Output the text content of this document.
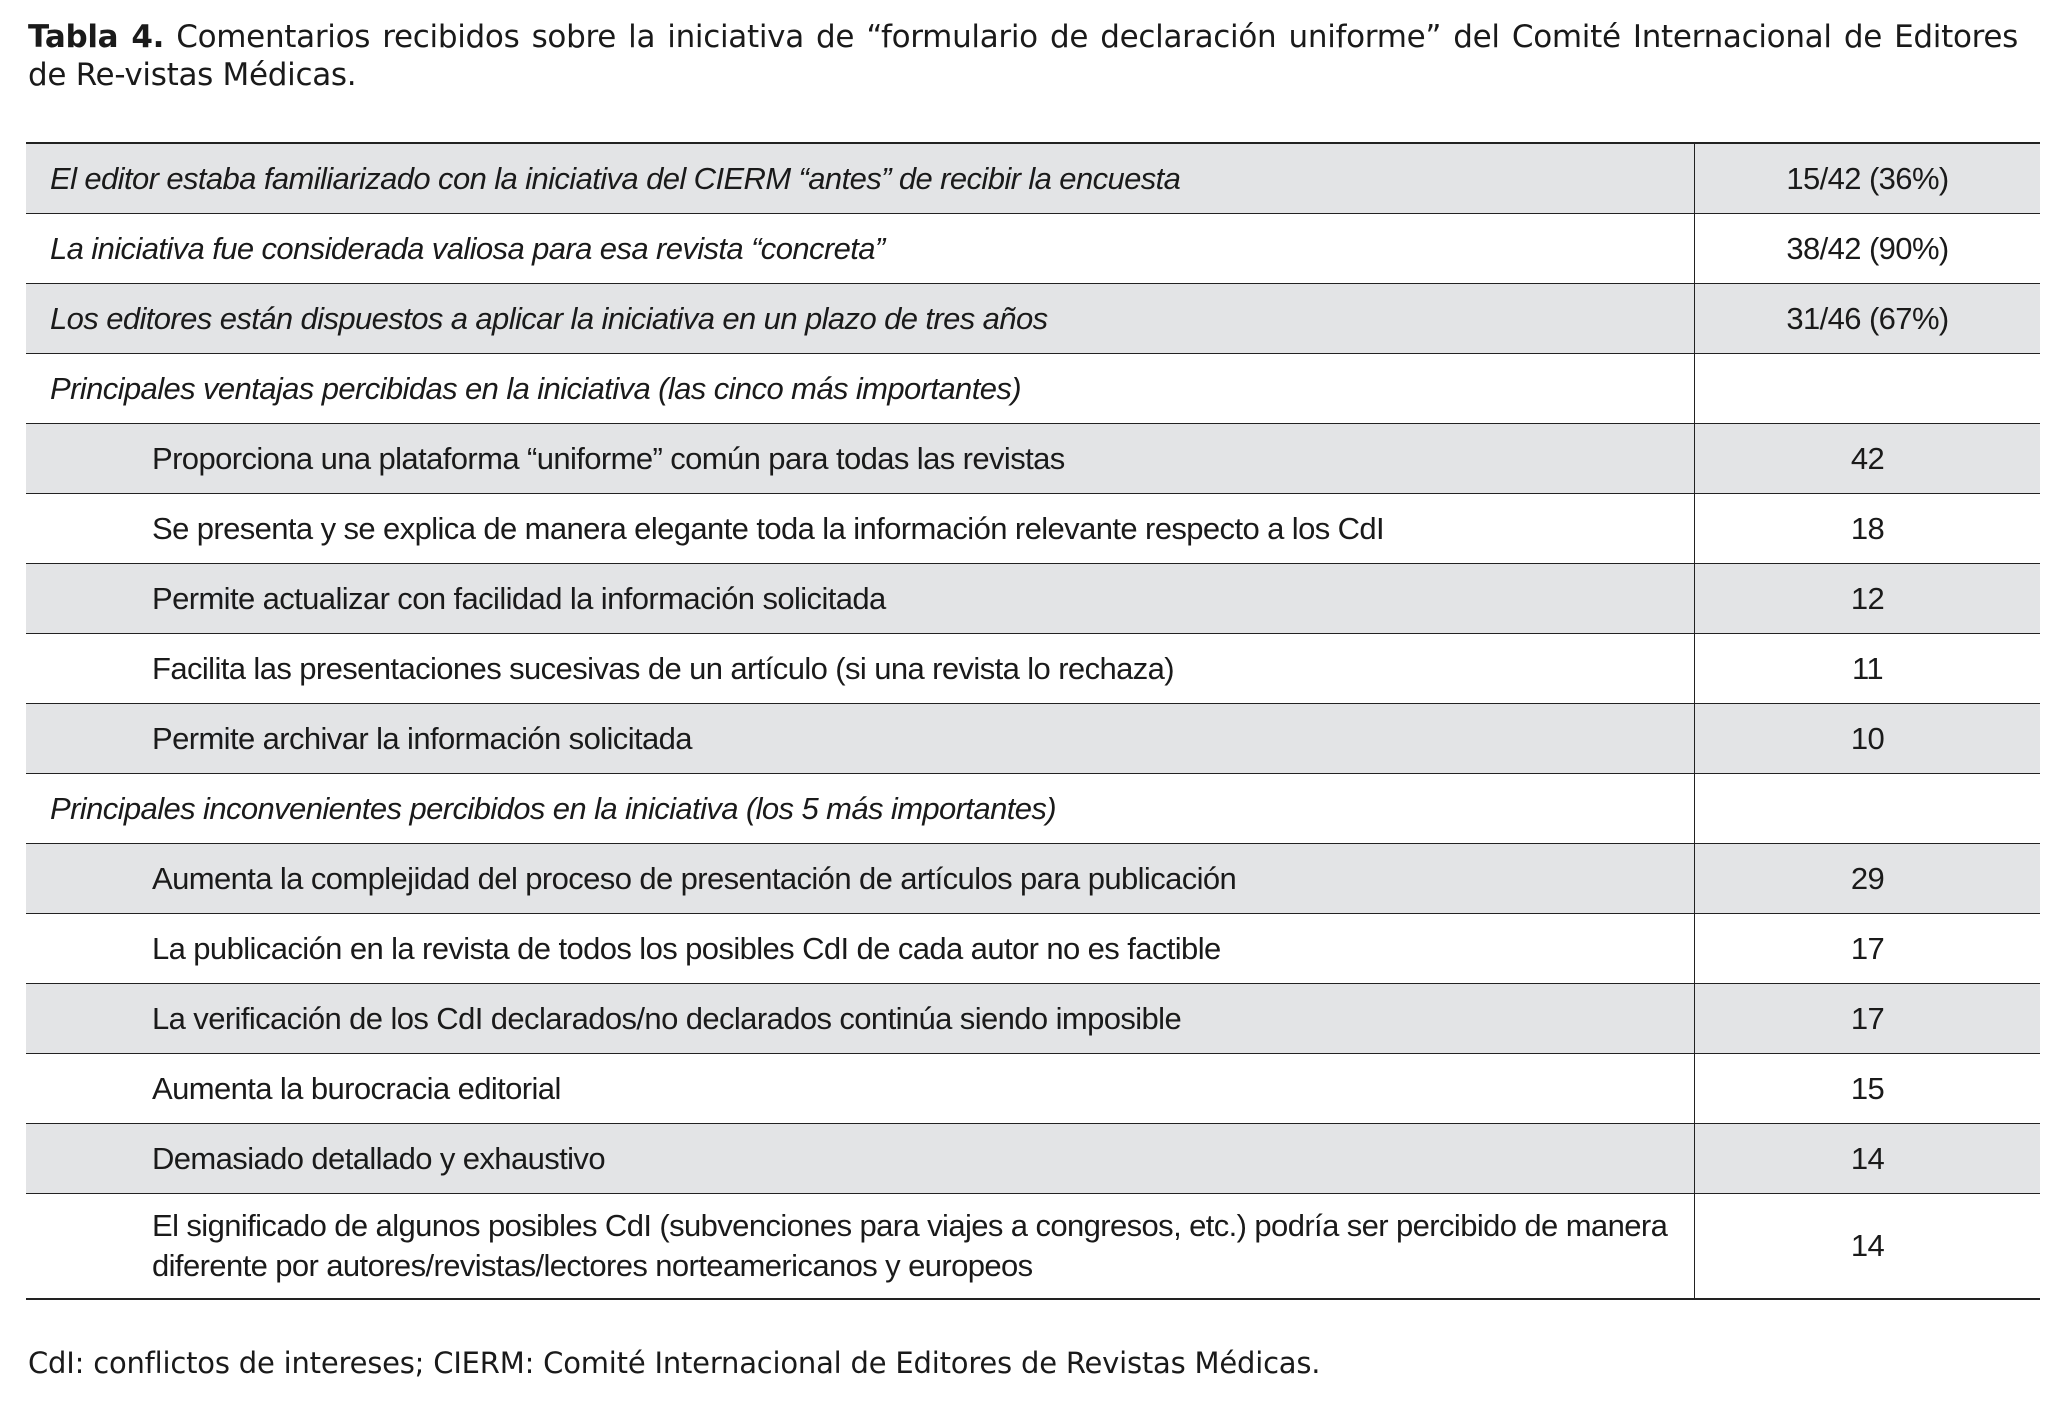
Tabla 4. Comentarios recibidos sobre la iniciativa de “formulario de declaración uniforme” del Comité Internacional de Editores de Re-vistas Médicas.
El editor estaba familiarizado con la iniciativa del CIERM “antes” de recibir la encuesta	15/42 (36%)
La iniciativa fue considerada valiosa para esa revista “concreta”	38/42 (90%)
Los editores están dispuestos a aplicar la iniciativa en un plazo de tres años	31/46 (67%)
Principales ventajas percibidas en la iniciativa (las cinco más importantes)	
Proporciona una plataforma “uniforme” común para todas las revistas	42
Se presenta y se explica de manera elegante toda la información relevante respecto a los CdI	18
Permite actualizar con facilidad la información solicitada	12
Facilita las presentaciones sucesivas de un artículo (si una revista lo rechaza)	11
Permite archivar la información solicitada	10
Principales inconvenientes percibidos en la iniciativa (los 5 más importantes)	
Aumenta la complejidad del proceso de presentación de artículos para publicación	29
La publicación en la revista de todos los posibles CdI de cada autor no es factible	17
La verificación de los CdI declarados/no declarados continúa siendo imposible	17
Aumenta la burocracia editorial	15
Demasiado detallado y exhaustivo	14
El significado de algunos posibles CdI (subvenciones para viajes a congresos, etc.) podría ser percibido de manera diferente por autores/revistas/lectores norteamericanos y europeos	14
CdI: conflictos de intereses; CIERM: Comité Internacional de Editores de Revistas Médicas.
